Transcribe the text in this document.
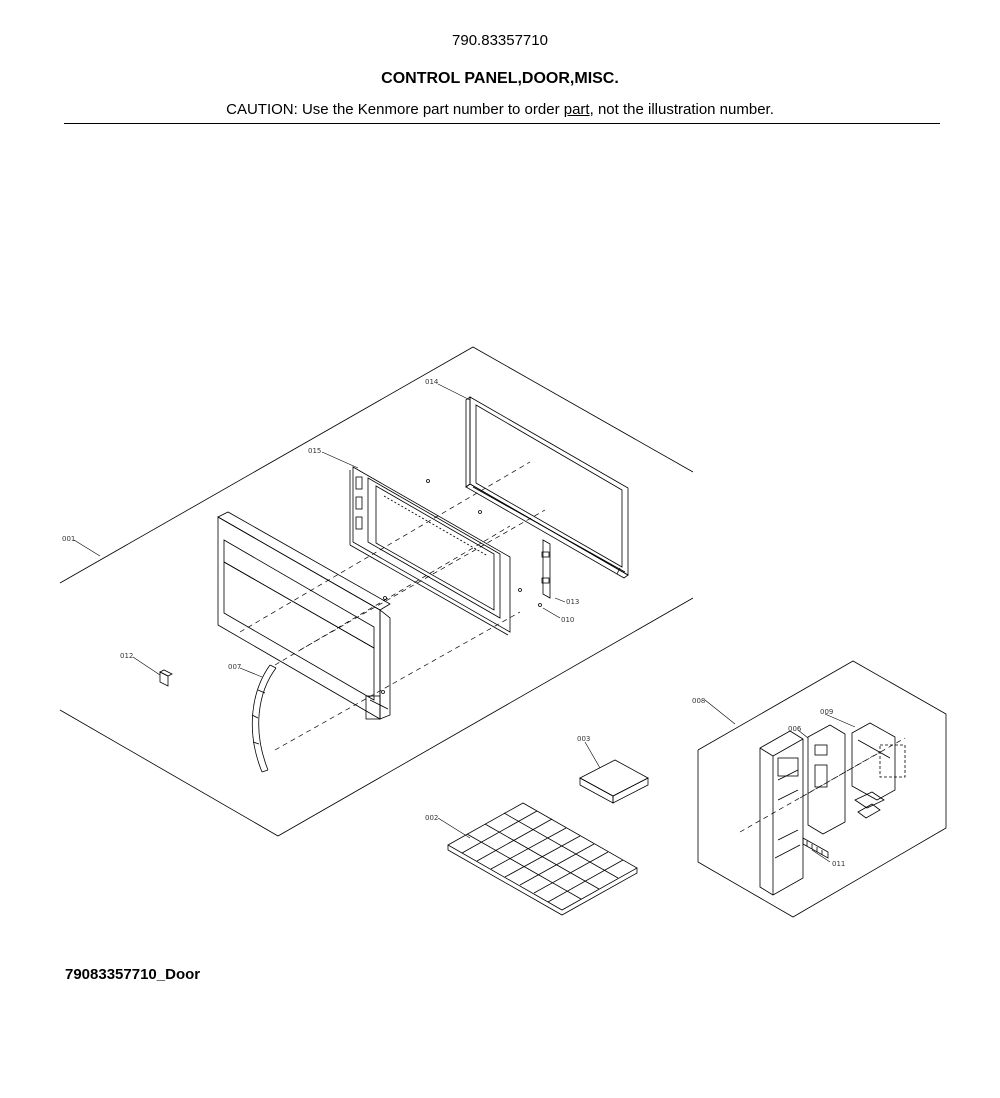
790.83357710
CONTROL PANEL,DOOR,MISC.
CAUTION: Use the Kenmore part number to order part, not the illustration number.
014
015
001
013
010
012
007
008
009
006
011
003
002
79083357710_Door
